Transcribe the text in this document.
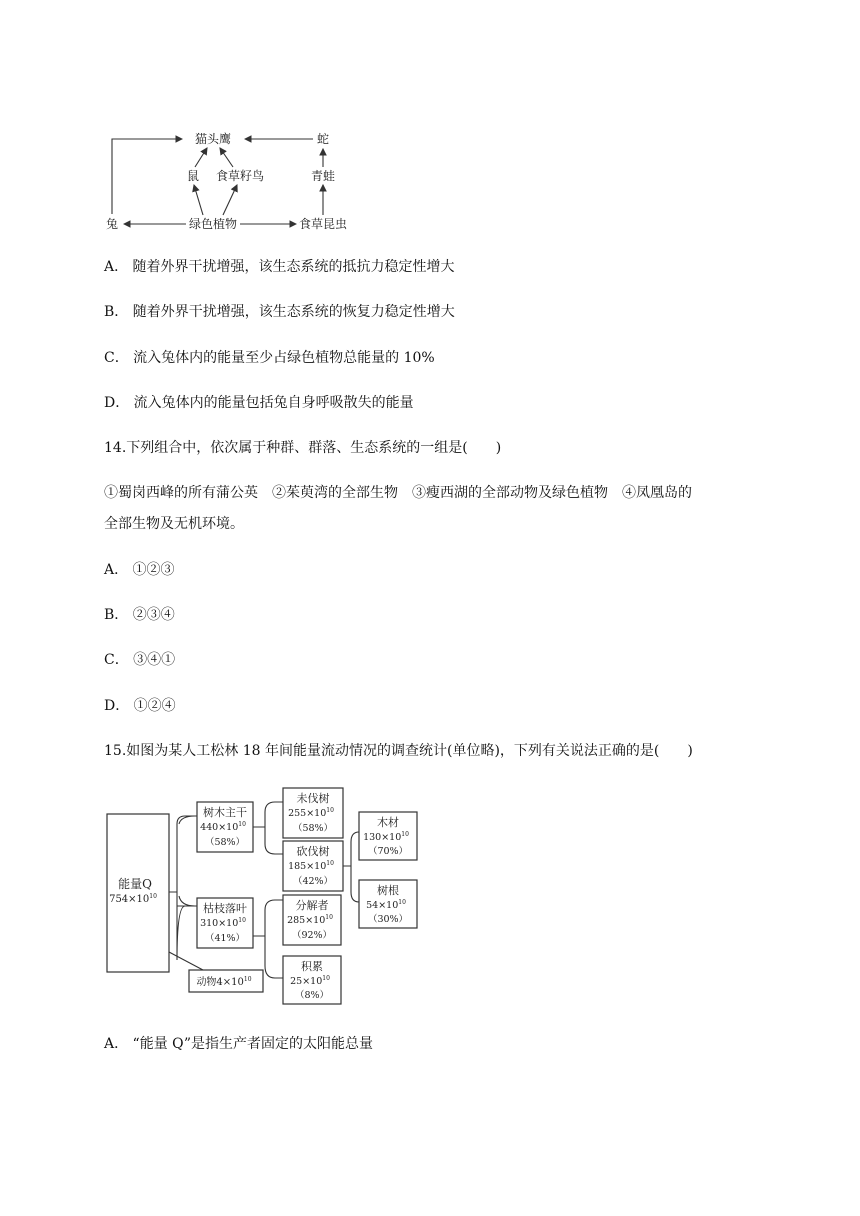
猫头鹰	蛇
鼠 食草籽鸟	青蛙
兔	绿色植物	食草昆虫
A． 随着外界干扰增强，该生态系统的抵抗力稳定性增大
B． 随着外界干扰增强，该生态系统的恢复力稳定性增大
C． 流入兔体内的能量至少占绿色植物总能量的 10%
D． 流入兔体内的能量包括兔自身呼吸散失的能量
14.下列组合中，依次属于种群、群落、生态系统的一组是(　　)
①蜀岗西峰的所有蒲公英　②茱萸湾的全部生物　③瘦西湖的全部动物及绿色植物　④凤凰岛的
全部生物及无机环境。
A． ①②③
B． ②③④
C． ③④①
D． ①②④
15.如图为某人工松林 18 年间能量流动情况的调查统计(单位略)，下列有关说法正确的是(　　)
能量Q
$754\times 10^{10}$
树木主干
$440\times 10^{10}$
（58%）
枯枝落叶
$310\times 10^{10}$
（41%）
动物$4\times 10^{10}$
未伐树
$255\times 10^{10}$
（58%）
砍伐树
$185\times 10^{10}$
（42%）
木材
$130\times 10^{10}$
（70%）
树根
$54\times 10^{10}$
（30%）
分解者
$285\times 10^{10}$
（92%）
积累
$25\times 10^{10}$
（8%）
A． “能量 Q”是指生产者固定的太阳能总量
